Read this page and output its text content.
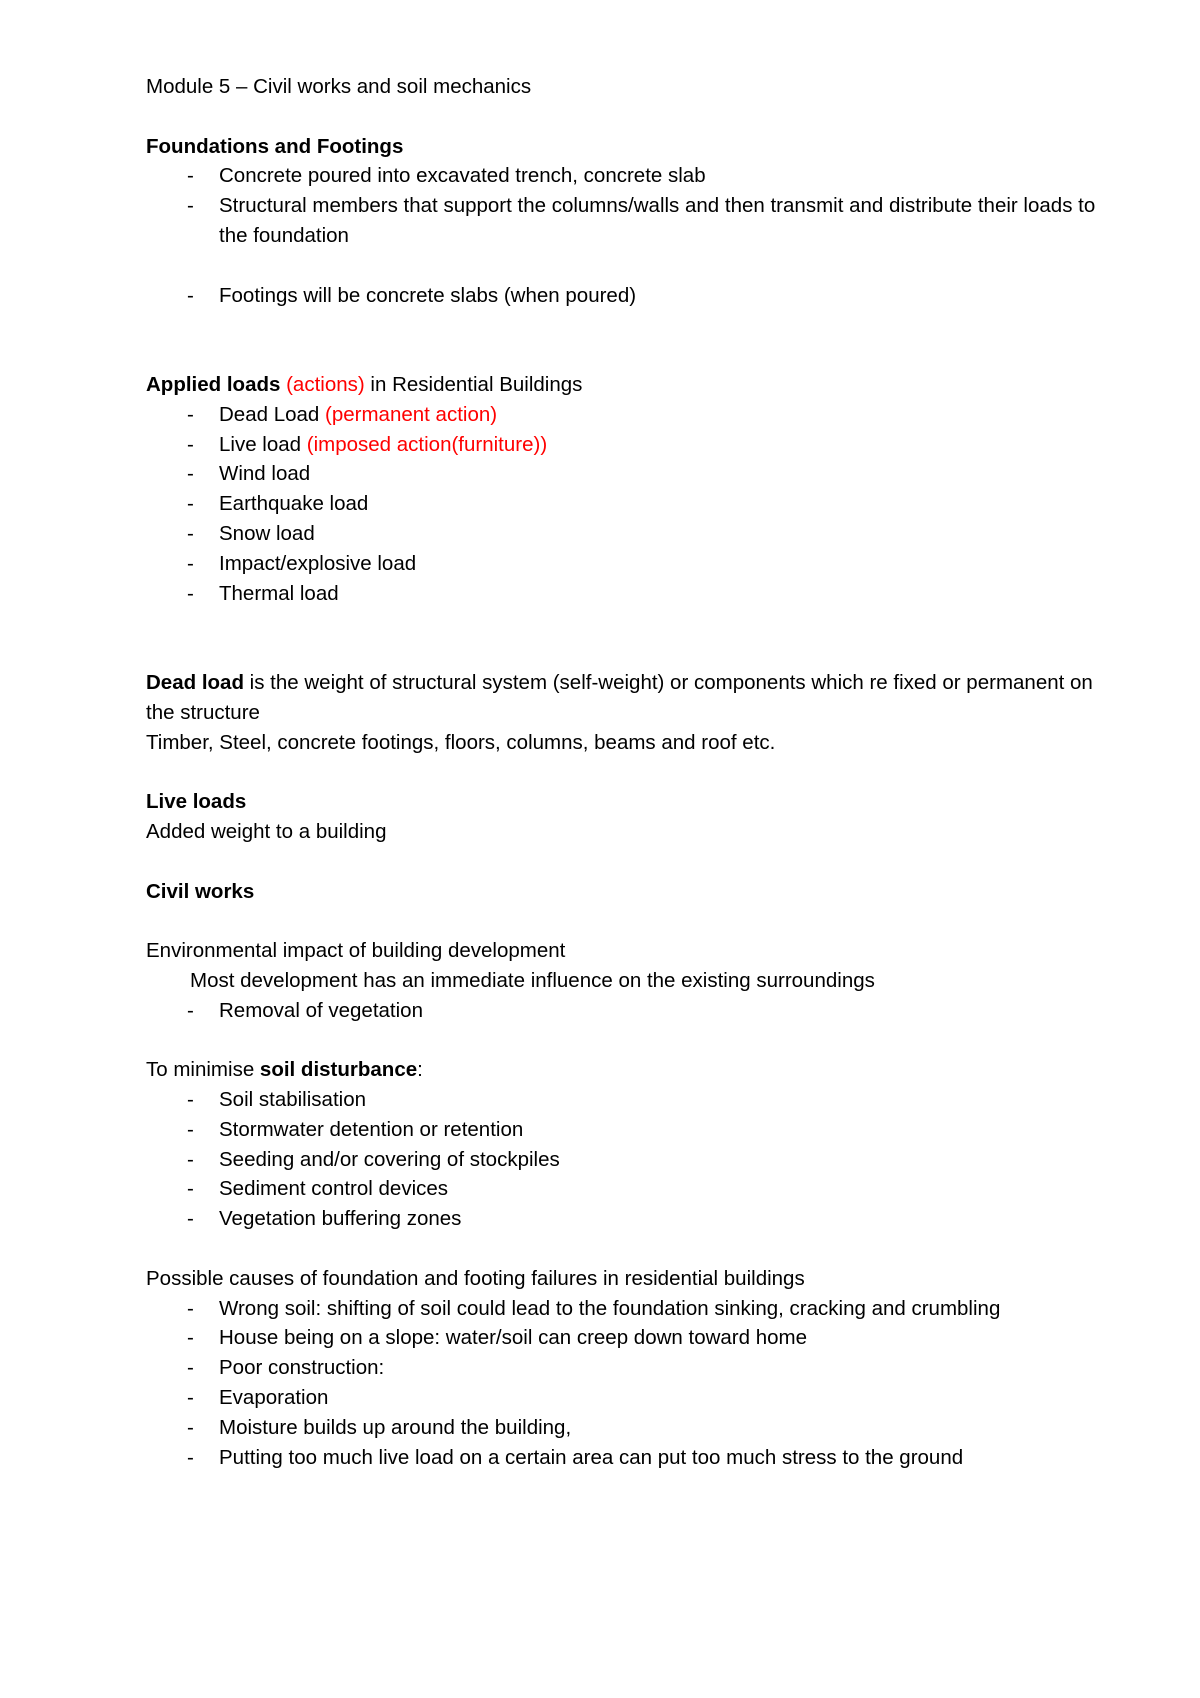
Module 5 – Civil works and soil mechanics

Foundations and Footings

- Concrete poured into excavated trench, concrete slab
- Structural members that support the columns/walls and then transmit and distribute their loads to the foundation
- Footings will be concrete slabs (when poured)

Applied loads (actions) in Residential Buildings

- Dead Load (permanent action)
- Live load (imposed action(furniture))
- Wind load
- Earthquake load
- Snow load
- Impact/explosive load
- Thermal load

Dead load is the weight of structural system (self-weight) or components which re fixed or permanent on the structure

Timber, Steel, concrete footings, floors, columns, beams and roof etc.

Live loads

Added weight to a building

Civil works

Environmental impact of building development

Most development has an immediate influence on the existing surroundings

- Removal of vegetation

To minimise soil disturbance:

- Soil stabilisation
- Stormwater detention or retention
- Seeding and/or covering of stockpiles
- Sediment control devices
- Vegetation buffering zones

Possible causes of foundation and footing failures in residential buildings

- Wrong soil: shifting of soil could lead to the foundation sinking, cracking and crumbling
- House being on a slope: water/soil can creep down toward home
- Poor construction:
- Evaporation
- Moisture builds up around the building,
- Putting too much live load on a certain area can put too much stress to the ground
